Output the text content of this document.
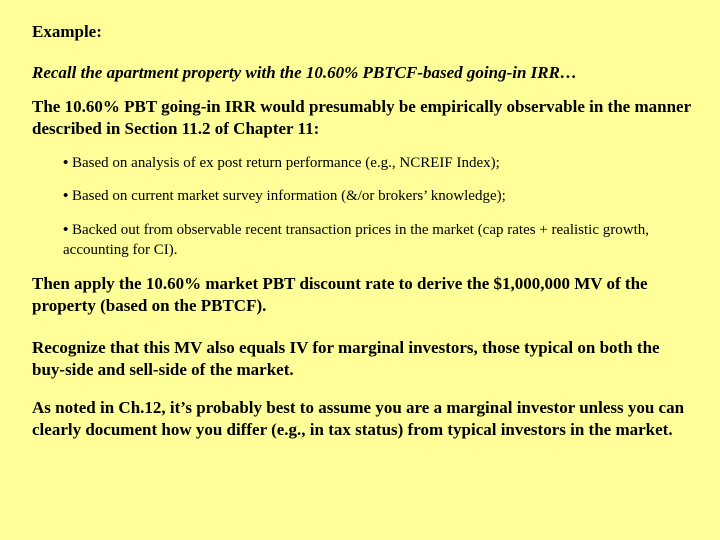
Example:

Recall the apartment property with the 10.60% PBTCF-based going-in IRR…

The 10.60% PBT going-in IRR would presumably be empirically observable in the manner described in Section 11.2 of Chapter 11:

• Based on analysis of ex post return performance (e.g., NCREIF Index);

• Based on current market survey information (&/or brokers’ knowledge);

• Backed out from observable recent transaction prices in the market (cap rates + realistic growth, accounting for CI).

Then apply the 10.60% market PBT discount rate to derive the $1,000,000 MV of the property (based on the PBTCF).

Recognize that this MV also equals IV for marginal investors, those typical on both the buy-side and sell-side of the market.

As noted in Ch.12, it’s probably best to assume you are a marginal investor unless you can clearly document how you differ (e.g., in tax status) from typical investors in the market.
